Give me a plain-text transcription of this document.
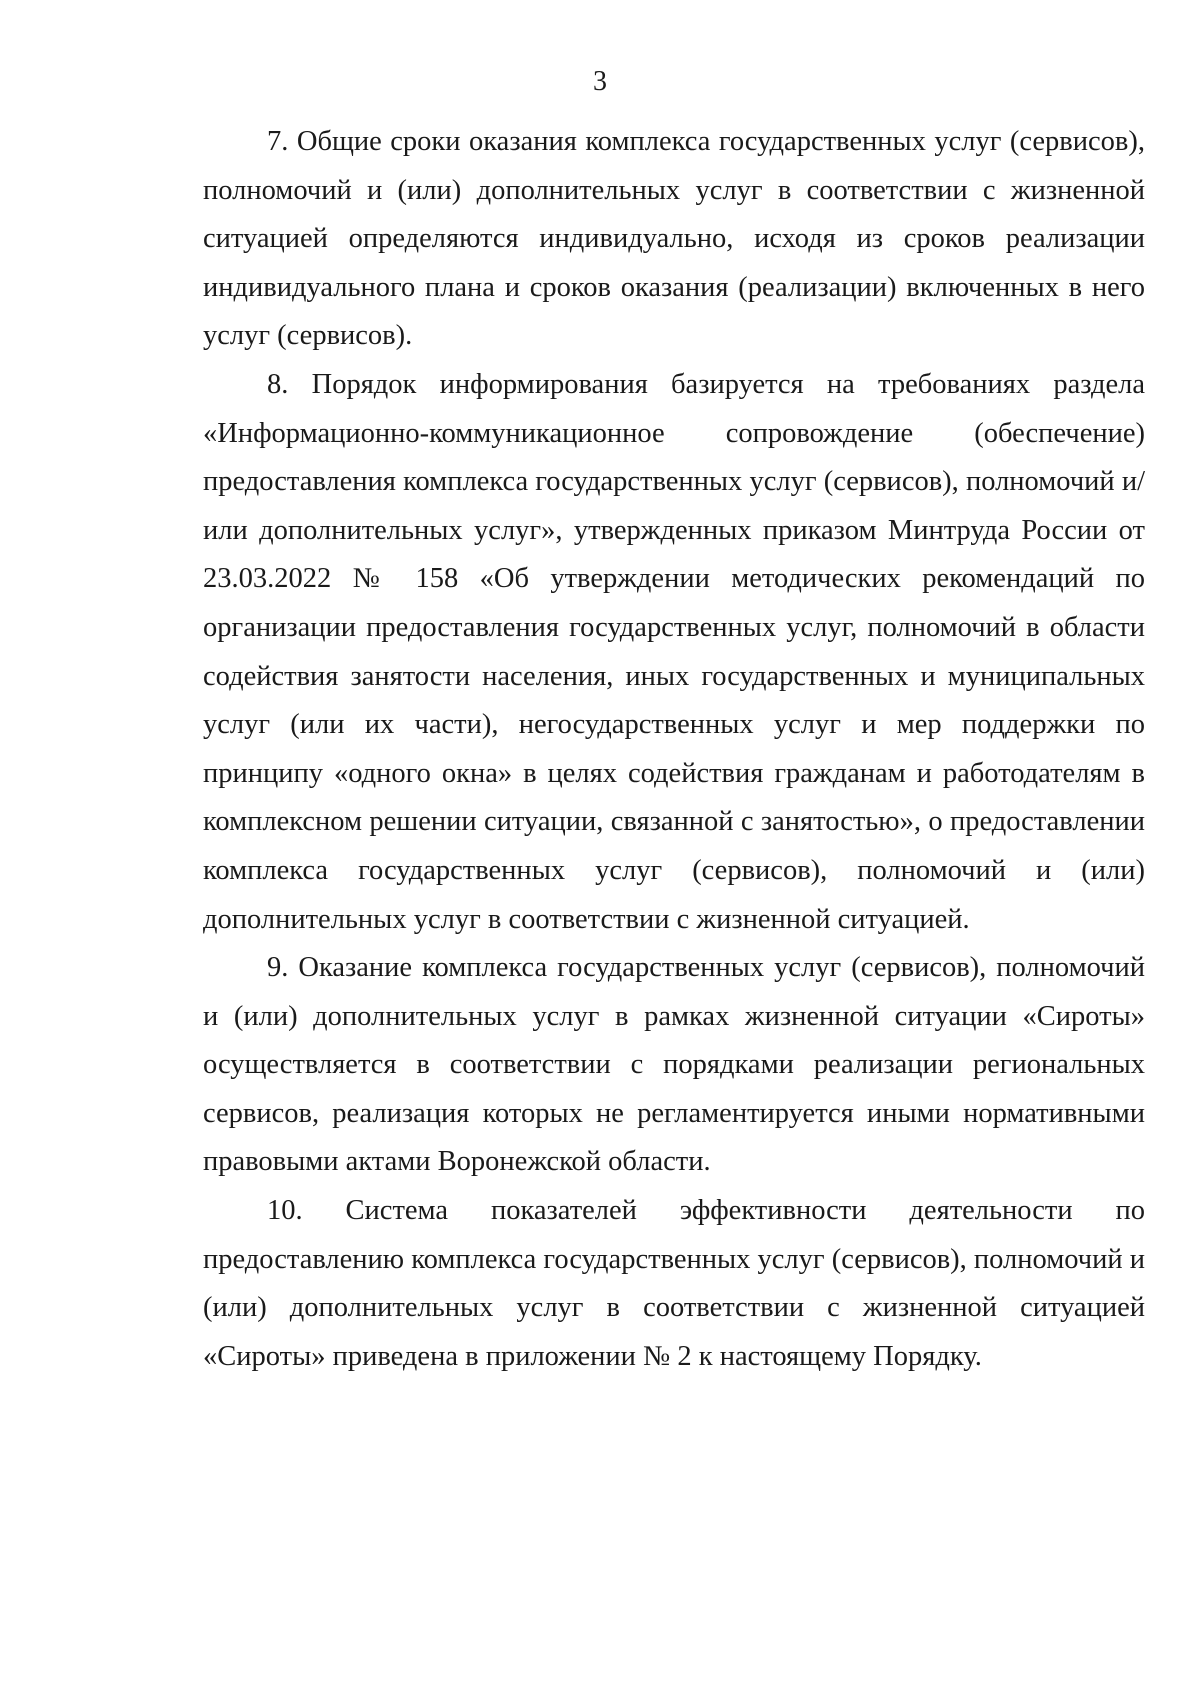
3

7. Общие сроки оказания комплекса государственных услуг (сервисов), полномочий и (или) дополнительных услуг в соответствии с жизненной ситуацией определяются индивидуально, исходя из сроков реализации индивидуального плана и сроков оказания (реализации) включенных в него услуг (сервисов).

8. Порядок информирования базируется на требованиях раздела «Информационно-коммуникационное сопровождение (обеспечение) предоставления комплекса государственных услуг (сервисов), полномочий и/или дополнительных услуг», утвержденных приказом Минтруда России от 23.03.2022 № 158 «Об утверждении методических рекомендаций по организации предоставления государственных услуг, полномочий в области содействия занятости населения, иных государственных и муниципальных услуг (или их части), негосударственных услуг и мер поддержки по принципу «одного окна» в целях содействия гражданам и работодателям в комплексном решении ситуации, связанной с занятостью», о предоставлении комплекса государственных услуг (сервисов), полномочий и (или) дополнительных услуг в соответствии с жизненной ситуацией.

9. Оказание комплекса государственных услуг (сервисов), полномочий и (или) дополнительных услуг в рамках жизненной ситуации «Сироты» осуществляется в соответствии с порядками реализации региональных сервисов, реализация которых не регламентируется иными нормативными правовыми актами Воронежской области.

10. Система показателей эффективности деятельности по предоставлению комплекса государственных услуг (сервисов), полномочий и (или) дополнительных услуг в соответствии с жизненной ситуацией «Сироты» приведена в приложении № 2 к настоящему Порядку.
